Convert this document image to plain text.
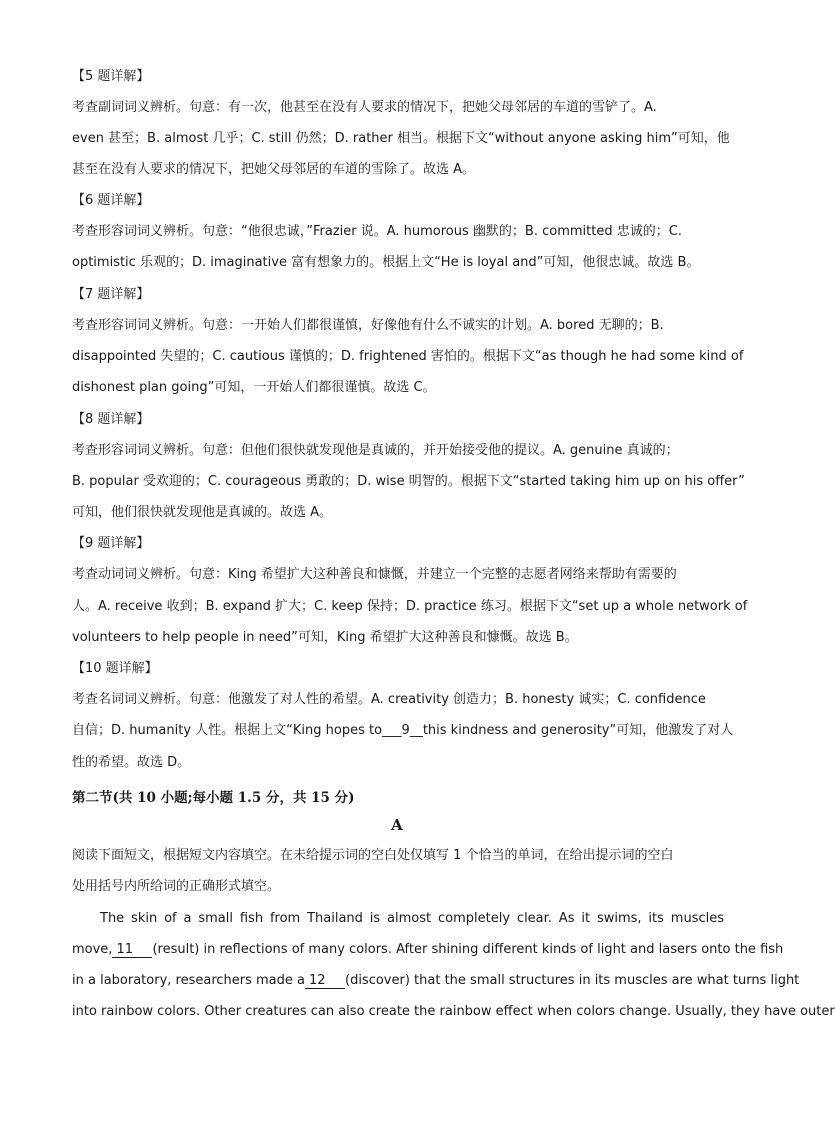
【5 题详解】
考查副词词义辨析。句意：有一次，他甚至在没有人要求的情况下，把她父母邻居的车道的雪铲了。A.
even 甚至；B. almost 几乎；C. still 仍然；D. rather 相当。根据下文“without anyone asking him”可知，他
甚至在没有人要求的情况下，把她父母邻居的车道的雪除了。故选 A。
【6 题详解】
考查形容词词义辨析。句意：“他很忠诚，”Frazier 说。A. humorous 幽默的；B. committed 忠诚的；C.
optimistic 乐观的；D. imaginative 富有想象力的。根据上文“He is loyal and”可知，他很忠诚。故选 B。
【7 题详解】
考查形容词词义辨析。句意：一开始人们都很谨慎，好像他有什么不诚实的计划。A. bored 无聊的；B.
disappointed 失望的；C. cautious 谨慎的；D. frightened 害怕的。根据下文“as though he had some kind of
dishonest plan going”可知，一开始人们都很谨慎。故选 C。
【8 题详解】
考查形容词词义辨析。句意：但他们很快就发现他是真诚的，并开始接受他的提议。A. genuine 真诚的；
B. popular 受欢迎的；C. courageous 勇敢的；D. wise 明智的。根据下文“started taking him up on his offer”
可知，他们很快就发现他是真诚的。故选 A。
【9 题详解】
考查动词词义辨析。句意：King 希望扩大这种善良和慷慨，并建立一个完整的志愿者网络来帮助有需要的
人。A. receive 收到；B. expand 扩大；C. keep 保持；D. practice 练习。根据下文“set up a whole network of
volunteers to help people in need”可知，King 希望扩大这种善良和慷慨。故选 B。
【10 题详解】
考查名词词义辨析。句意：他激发了对人性的希望。A. creativity 创造力；B. honesty 诚实；C. confidence
自信；D. humanity 人性。根据上文“King hopes to___9__this kindness and generosity”可知，他激发了对人
性的希望。故选 D。
第二节(共 10 小题;每小题 1.5 分，共 15 分)
A
阅读下面短文，根据短文内容填空。在未给提示词的空白处仅填写 1 个恰当的单词，在给出提示词的空白
处用括号内所给词的正确形式填空。
The skin of a small fish from Thailand is almost completely clear. As it swims, its muscles
move, 11 (result) in reflections of many colors. After shining different kinds of light and lasers onto the fish
in a laboratory, researchers made a 12 (discover) that the small structures in its muscles are what turns light
into rainbow colors. Other creatures can also create the rainbow effect when colors change. Usually, they have outer
